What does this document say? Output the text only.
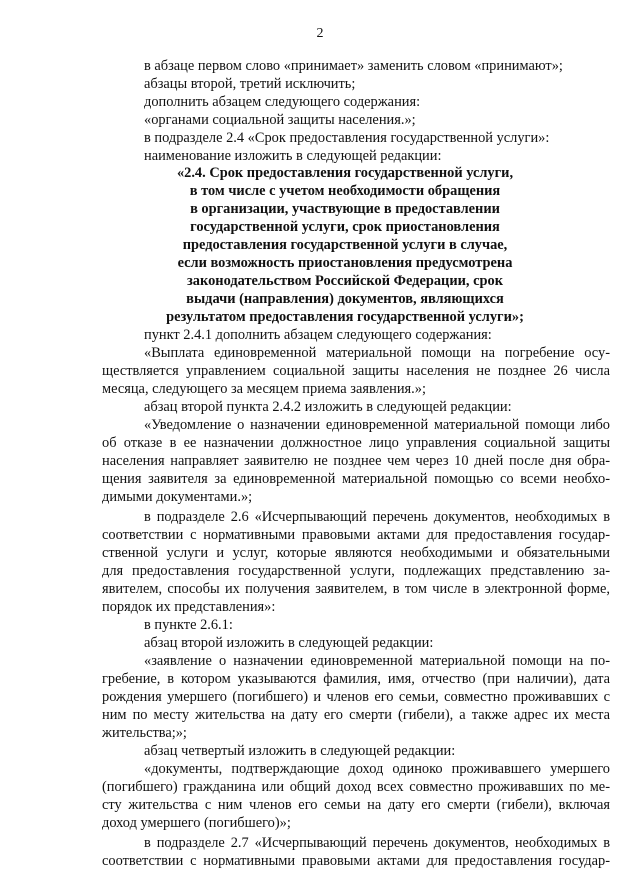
2
в абзаце первом слово «принимает» заменить словом «принимают»;
абзацы второй, третий исключить;
дополнить абзацем следующего содержания:
«органами социальной защиты населения.»;
в подразделе 2.4 «Срок предоставления государственной услуги»:
наименование изложить в следующей редакции:
«2.4. Срок предоставления государственной услуги,
в том числе с учетом необходимости обращения
в организации, участвующие в предоставлении
государственной услуги, срок приостановления
предоставления государственной услуги в случае,
если возможность приостановления предусмотрена
законодательством Российской Федерации, срок
выдачи (направления) документов, являющихся
результатом предоставления государственной услуги»;
пункт 2.4.1 дополнить абзацем следующего содержания:
«Выплата единовременной материальной помощи на погребение осу-
ществляется управлением социальной защиты населения не позднее 26 числа
месяца, следующего за месяцем приема заявления.»;
абзац второй пункта 2.4.2 изложить в следующей редакции:
«Уведомление о назначении единовременной материальной помощи либо
об отказе в ее назначении должностное лицо управления социальной защиты
населения направляет заявителю не позднее чем через 10 дней после дня обра-
щения заявителя за единовременной материальной помощью со всеми необхо-
димыми документами.»;
в подразделе 2.6 «Исчерпывающий перечень документов, необходимых в
соответствии с нормативными правовыми актами для предоставления государ-
ственной услуги и услуг, которые являются необходимыми и обязательными
для предоставления государственной услуги, подлежащих представлению за-
явителем, способы их получения заявителем, в том числе в электронной форме,
порядок их представления»:
в пункте 2.6.1:
абзац второй изложить в следующей редакции:
«заявление о назначении единовременной материальной помощи на по-
гребение, в котором указываются фамилия, имя, отчество (при наличии), дата
рождения умершего (погибшего) и членов его семьи, совместно проживавших с
ним по месту жительства на дату его смерти (гибели), а также адрес их места
жительства;»;
абзац четвертый изложить в следующей редакции:
«документы, подтверждающие доход одиноко проживавшего умершего
(погибшего) гражданина или общий доход всех совместно проживавших по ме-
сту жительства с ним членов его семьи на дату его смерти (гибели), включая
доход умершего (погибшего)»;
в подразделе 2.7 «Исчерпывающий перечень документов, необходимых в
соответствии с нормативными правовыми актами для предоставления государ-
